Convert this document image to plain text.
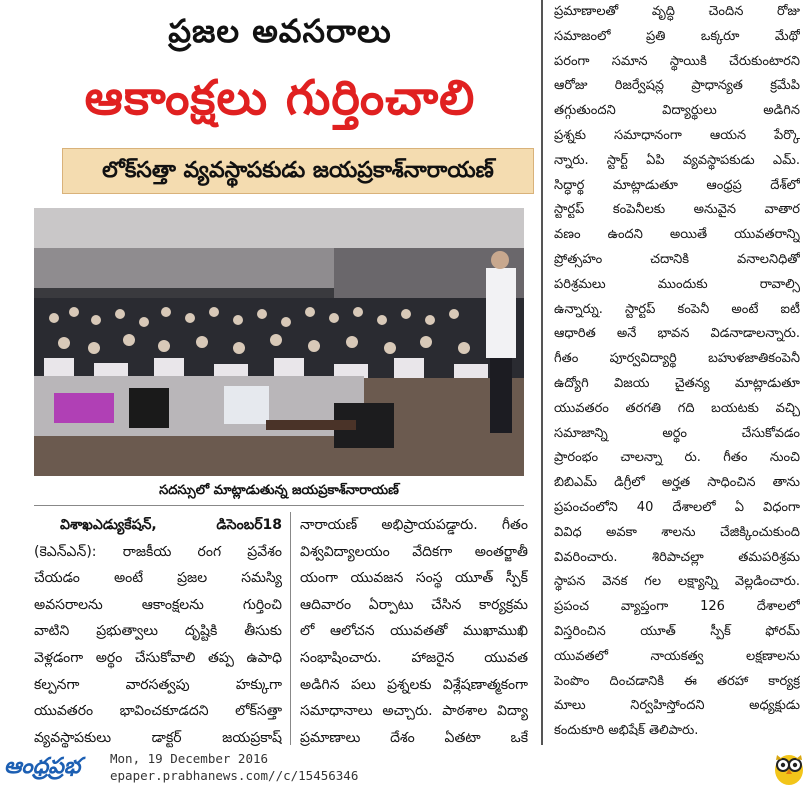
ప్రజల అవసరాలు
ఆకాంక్షలు గుర్తించాలి
లోక్‌సత్తా వ్యవస్థాపకుడు జయప్రకాశ్‌నారాయణ్
సదస్సులో మాట్లాడుతున్న జయప్రకాశ్‌నారాయణ్
విశాఖఎడ్యుకేషన్‌, డిసెంబర్‌18
(కెఎన్‌ఎన్‌): రాజకీయ రంగ ప్రవేశం
చేయడం అంటే ప్రజల సమస్యి
అవసరాలను ఆకాంక్షలను గుర్తించి
వాటిని ప్రభుత్వాలు దృష్టికి తీసుకు
వెళ్లడంగా అర్థం చేసుకోవాలి తప్ప ఉపాధి
కల్పనగా వారసత్వపు హక్కుగా
యువతరం భావించకూడదని లోక్‌సత్తా
వ్యవస్థాపకులు డాక్టర్ జయప్రకాష్
నారాయణ్ అభిప్రాయపడ్డారు. గీతం
విశ్వవిద్యాలయం వేదికగా అంతర్జాతీ
యంగా యువజన సంస్థ యూత్ స్పీక్
ఆదివారం ఏర్పాటు చేసిన కార్యక్రమ
లో ఆలోచన యువతతో ముఖాముఖి
సంభాషించారు. హాజరైన యువత
అడిగిన పలు ప్రశ్నలకు విశ్లేషణాత్మకంగా
సమాధానాలు అచ్చారు. పాఠశాల విద్యా
ప్రమాణాలు దేశం ఏతటా ఒకే
ప్రమాణాలతో వృద్ధి చెందిన రోజు
సమాజంలో ప్రతి ఒక్కరూ మేథో
పరంగా సమాన స్థాయికి చేరుకుంటారని
ఆరోజు రిజర్వేషన్ల ప్రాధాన్యత క్రమేపి
తగ్గుతుందని విద్యార్థులు అడిగిన
ప్రశ్నకు సమాధానంగా ఆయన పేర్కొ
న్నారు. స్టార్ట్ ఏపి వ్యవస్థాపకుడు ఎమ్.
సిద్ధార్థ మాట్లాడుతూ ఆంధ్రప్ర దేశ్‌లో
స్టార్టప్ కంపెనీలకు అనువైన వాతార
వణం ఉందని అయితే యువతరాన్ని
ప్రోత్సహం చదానికి వనాలనిధితో
పరిశ్రమలు ముందుకు రావాల్సి
ఉన్నార్ను. స్టార్టప్ కంపెనీ అంటే ఐటీ
ఆధారిత అనే భావన విడనాడాలన్నారు.
గీతం పూర్వవిద్యార్థి బహుళజాతికంపెనీ
ఉద్యోగి విజయ చైతన్య మాట్లాడుతూ
యువతరం తరగతి గది బయటకు వచ్చి
సమాజాన్ని అర్థం చేసుకోవడం
ప్రారంభం చాలన్నా రు. గీతం నుంచి
బిబిఎమ్ డిగ్రీలో అర్హత సాధించిన తాను
ప్రపంచంలోని 40 దేశాలలో ఏ విధంగా
వివిధ అవకా శాలను చేజిక్కించుకుంది
వివరించారు. శిరిపాచల్లా తమపరిశ్రమ
స్థాపన వెనక గల లక్ష్యాన్ని వెల్లడించారు.
ప్రపంచ వ్యాప్తంగా 126 దేశాలలో
విస్తరించిన యూత్ స్పీక్ ఫోరమ్
యువతలో నాయకత్వ లక్షణాలను
పెంపొం దించడానికి ఈ తరహా కార్యక్ర
మాలు నిర్వహిస్తోందని అధ్యక్షుడు
కందుకూరి అభిషేక్ తెలిపారు.
ఆంధ్రప్రభ	Mon, 19 December 2016
epaper.prabhanews.com//c/15456346
